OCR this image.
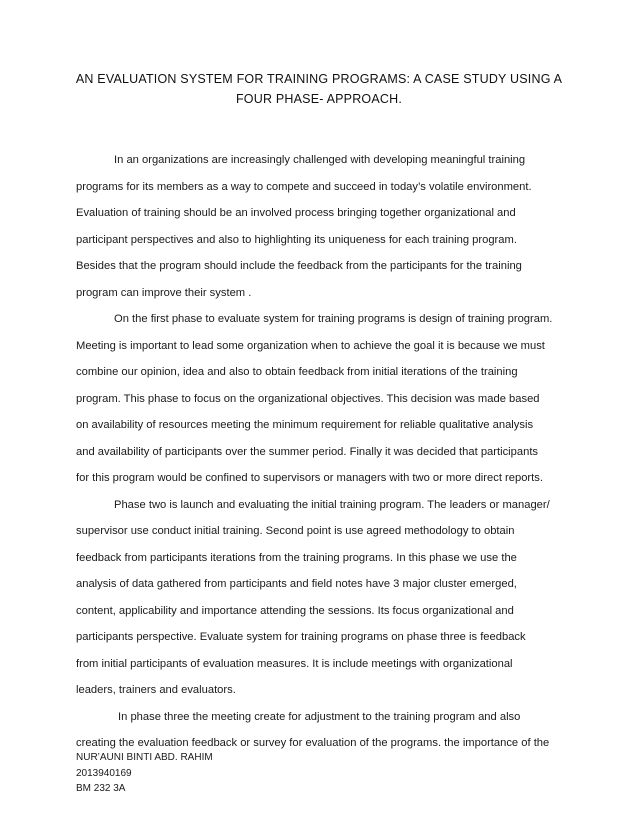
AN EVALUATION SYSTEM FOR TRAINING PROGRAMS: A CASE STUDY USING A
FOUR PHASE- APPROACH.
In an organizations are increasingly challenged with developing meaningful training
programs for its members as a way to compete and succeed in today’s volatile environment.
Evaluation of training should be an involved process bringing together organizational and
participant perspectives and also to highlighting its uniqueness for each training program.
Besides that the program should include the feedback from the participants for the training
program can improve their system .
On the first phase to evaluate system for training programs is design of training program.
Meeting is important to lead some organization when to achieve the goal it is because we must
combine our opinion, idea and also to obtain feedback from initial iterations of the training
program. This phase to focus on the organizational objectives. This decision was made based
on availability of resources meeting the minimum requirement for reliable qualitative analysis
and availability of participants over the summer period. Finally it was decided that participants
for this program would be confined to supervisors or managers with two or more direct reports.
Phase two is launch and evaluating the initial training program. The leaders or manager/
supervisor use conduct initial training. Second point is use agreed methodology to obtain
feedback from participants iterations from the training programs. In this phase we use the
analysis of data gathered from participants and field notes have 3 major cluster emerged,
content, applicability and importance attending the sessions. Its focus organizational and
participants perspective. Evaluate system for training programs on phase three is feedback
from initial participants of evaluation measures. It is include meetings with organizational
leaders, trainers and evaluators.
In phase three the meeting create for adjustment to the training program and also
creating the evaluation feedback or survey for evaluation of the programs. the importance of the
NUR’AUNI BINTI ABD. RAHIM
2013940169
BM 232 3A
